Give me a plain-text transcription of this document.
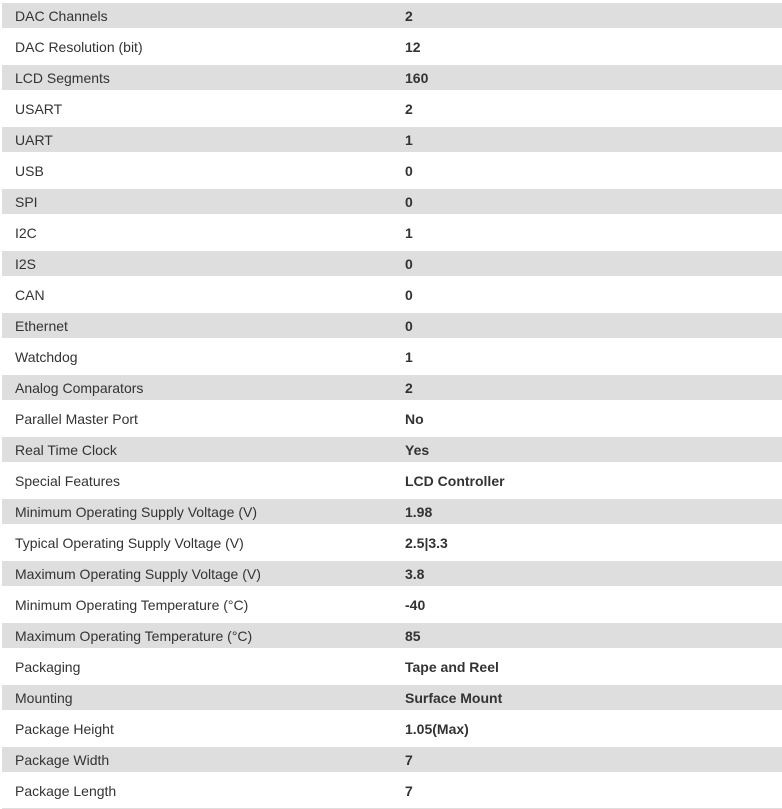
DAC Channels	2
DAC Resolution (bit)	12
LCD Segments	160
USART	2
UART	1
USB	0
SPI	0
I2C	1
I2S	0
CAN	0
Ethernet	0
Watchdog	1
Analog Comparators	2
Parallel Master Port	No
Real Time Clock	Yes
Special Features	LCD Controller
Minimum Operating Supply Voltage (V)	1.98
Typical Operating Supply Voltage (V)	2.5|3.3
Maximum Operating Supply Voltage (V)	3.8
Minimum Operating Temperature (°C)	-40
Maximum Operating Temperature (°C)	85
Packaging	Tape and Reel
Mounting	Surface Mount
Package Height	1.05(Max)
Package Width	7
Package Length	7
